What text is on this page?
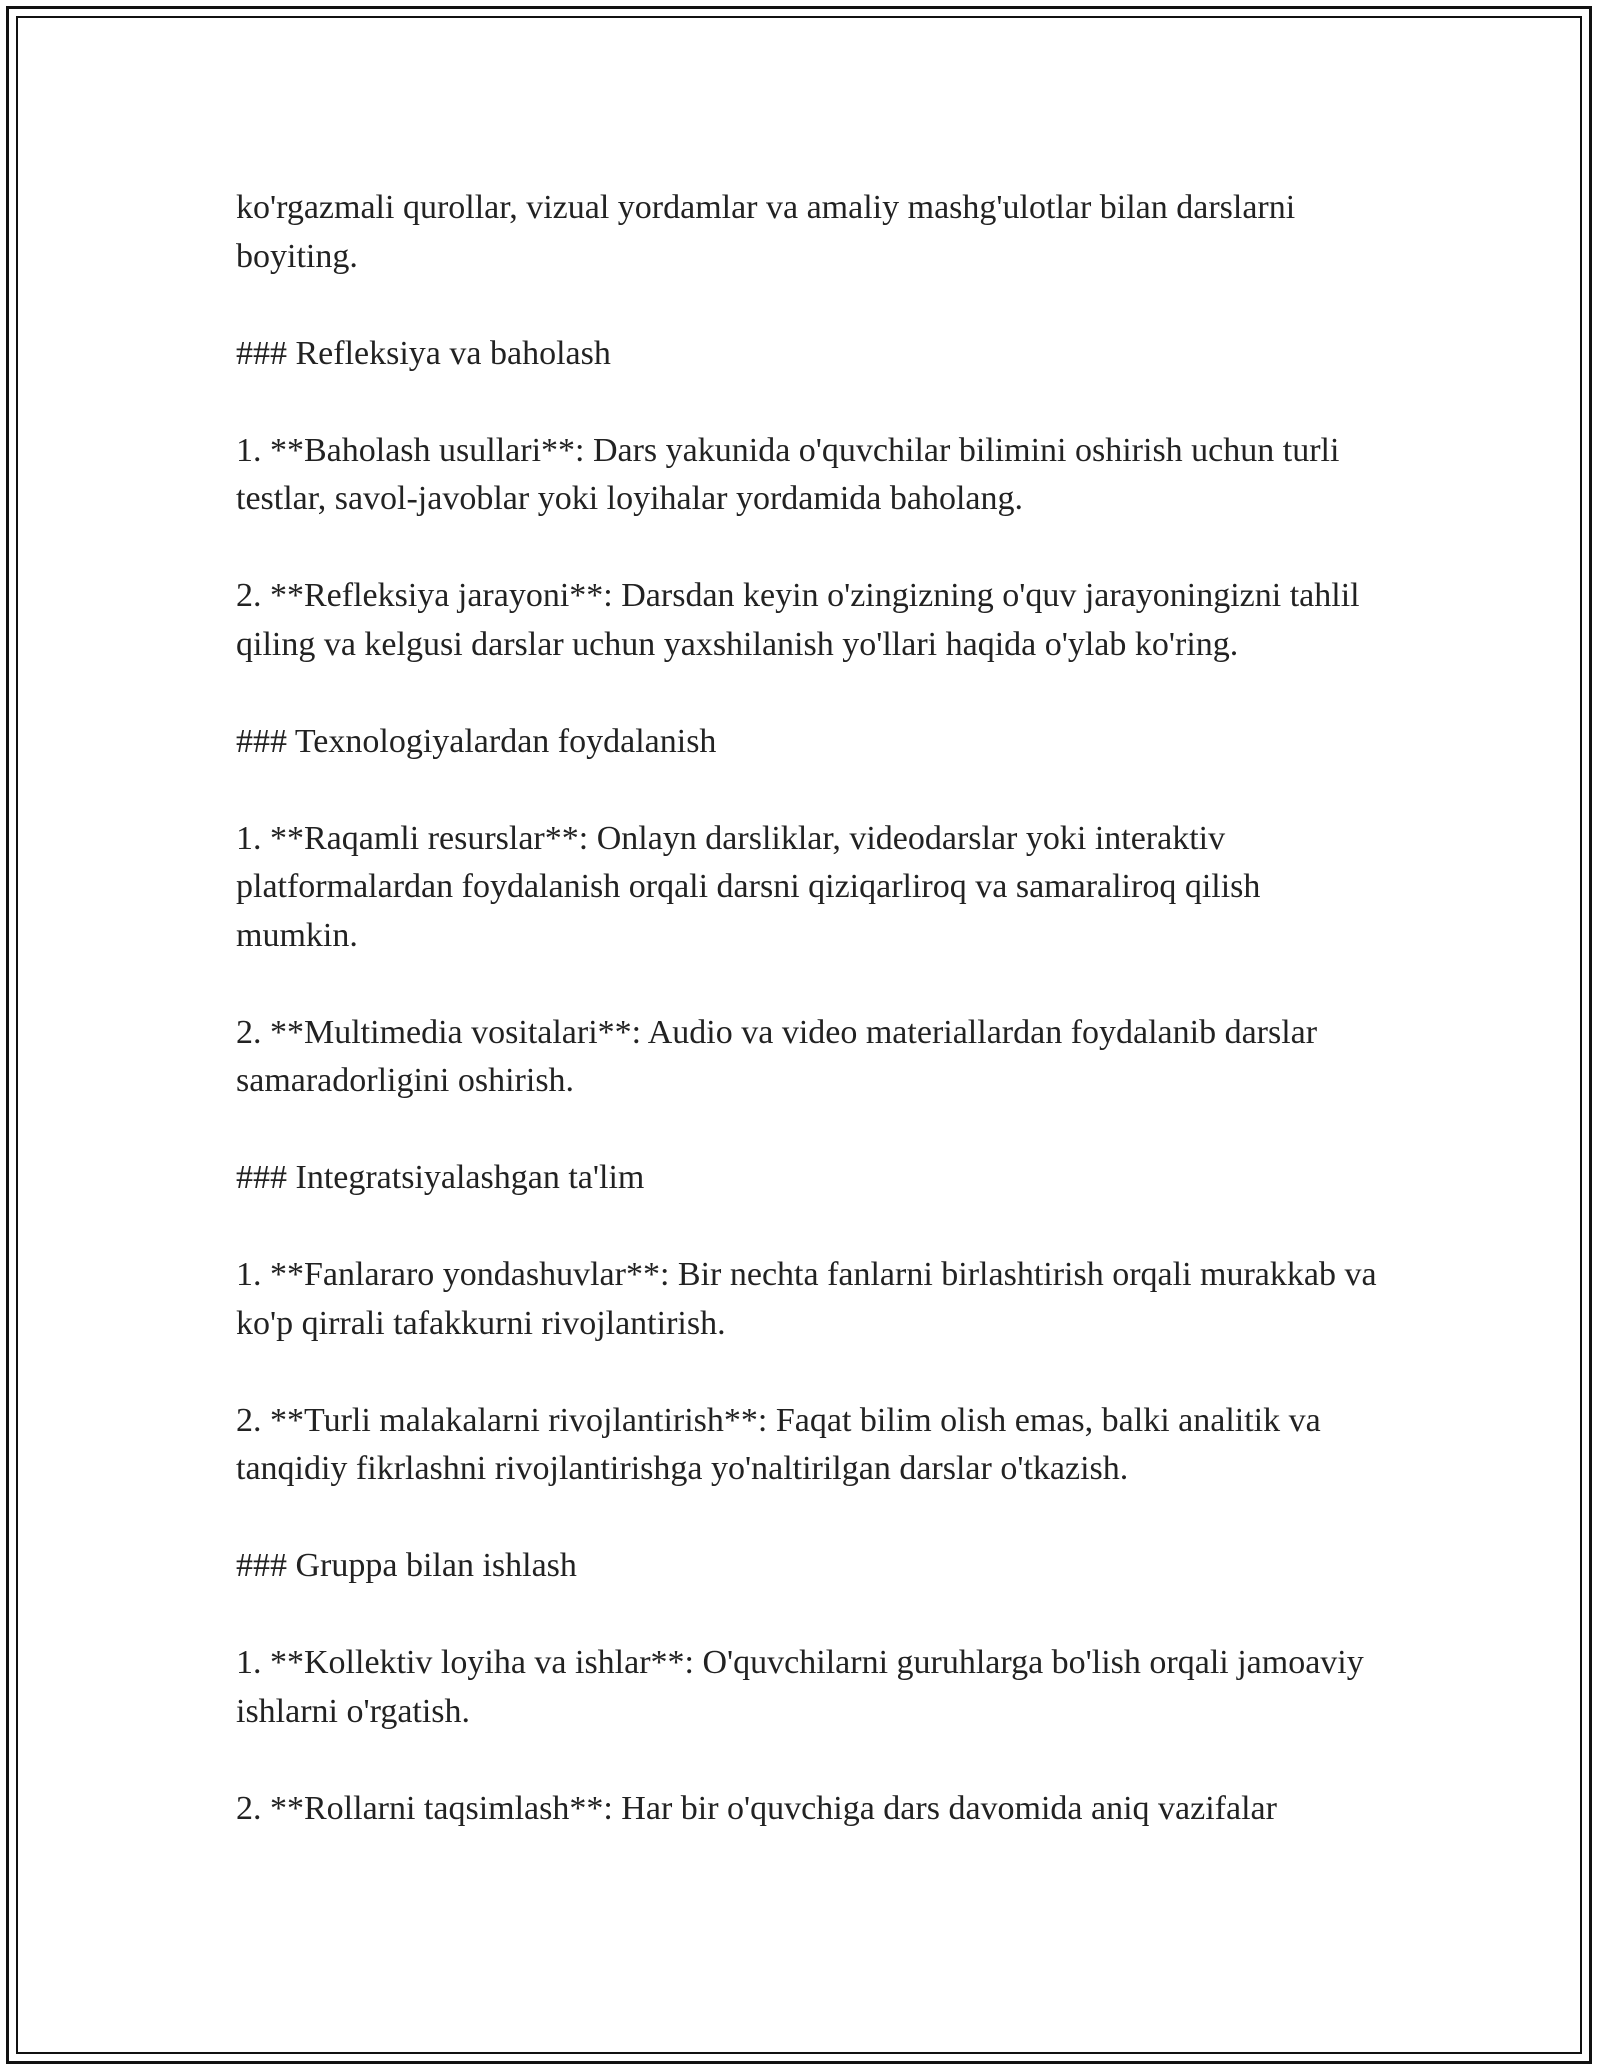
ko'rgazmali qurollar, vizual yordamlar va amaliy mashg'ulotlar bilan darslarni boyiting.

### Refleksiya va baholash

1. **Baholash usullari**: Dars yakunida o'quvchilar bilimini oshirish uchun turli testlar, savol-javoblar yoki loyihalar yordamida baholang.

2. **Refleksiya jarayoni**: Darsdan keyin o'zingizning o'quv jarayoningizni tahlil qiling va kelgusi darslar uchun yaxshilanish yo'llari haqida o'ylab ko'ring.

### Texnologiyalardan foydalanish

1. **Raqamli resurslar**: Onlayn darsliklar, videodarslar yoki interaktiv platformalardan foydalanish orqali darsni qiziqarliroq va samaraliroq qilish mumkin.

2. **Multimedia vositalari**: Audio va video materiallardan foydalanib darslar samaradorligini oshirish.

### Integratsiyalashgan ta'lim

1. **Fanlararo yondashuvlar**: Bir nechta fanlarni birlashtirish orqali murakkab va ko'p qirrali tafakkurni rivojlantirish.

2. **Turli malakalarni rivojlantirish**: Faqat bilim olish emas, balki analitik va tanqidiy fikrlashni rivojlantirishga yo'naltirilgan darslar o'tkazish.

### Gruppa bilan ishlash

1. **Kollektiv loyiha va ishlar**: O'quvchilarni guruhlarga bo'lish orqali jamoaviy ishlarni o'rgatish.

2. **Rollarni taqsimlash**: Har bir o'quvchiga dars davomida aniq vazifalar
